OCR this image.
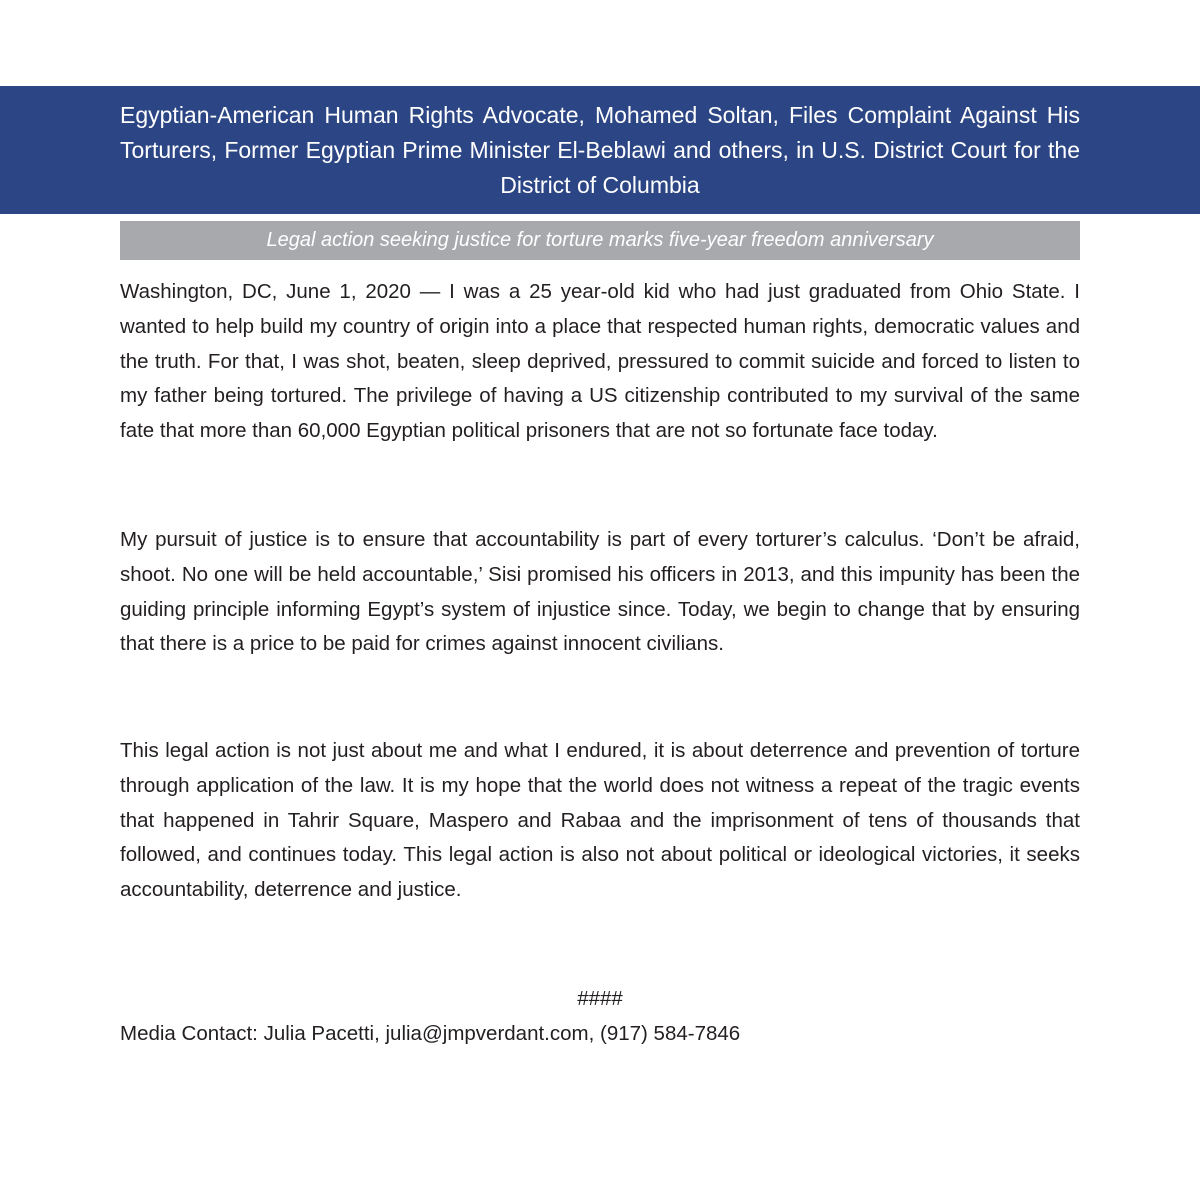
Egyptian-American Human Rights Advocate, Mohamed Soltan, Files Complaint Against His Torturers, Former Egyptian Prime Minister El-Beblawi and others, in U.S. District Court for the District of Columbia

Legal action seeking justice for torture marks five-year freedom anniversary

Washington, DC, June 1, 2020 — I was a 25 year-old kid who had just graduated from Ohio State. I wanted to help build my country of origin into a place that respected human rights, democratic values and the truth. For that, I was shot, beaten, sleep deprived, pressured to commit suicide and forced to listen to my father being tortured. The privilege of having a US citizenship contributed to my survival of the same fate that more than 60,000 Egyptian political prisoners that are not so fortunate face today.

My pursuit of justice is to ensure that accountability is part of every torturer’s calculus. ‘Don’t be afraid, shoot. No one will be held accountable,’ Sisi promised his officers in 2013, and this impunity has been the guiding principle informing Egypt’s system of injustice since. Today, we begin to change that by ensuring that there is a price to be paid for crimes against innocent civilians.

This legal action is not just about me and what I endured, it is about deterrence and prevention of torture through application of the law. It is my hope that the world does not witness a repeat of the tragic events that happened in Tahrir Square, Maspero and Rabaa and the imprisonment of tens of thousands that followed, and continues today. This legal action is also not about political or ideological victories, it seeks accountability, deterrence and justice.

####

Media Contact: Julia Pacetti, julia@jmpverdant.com, (917) 584-7846
